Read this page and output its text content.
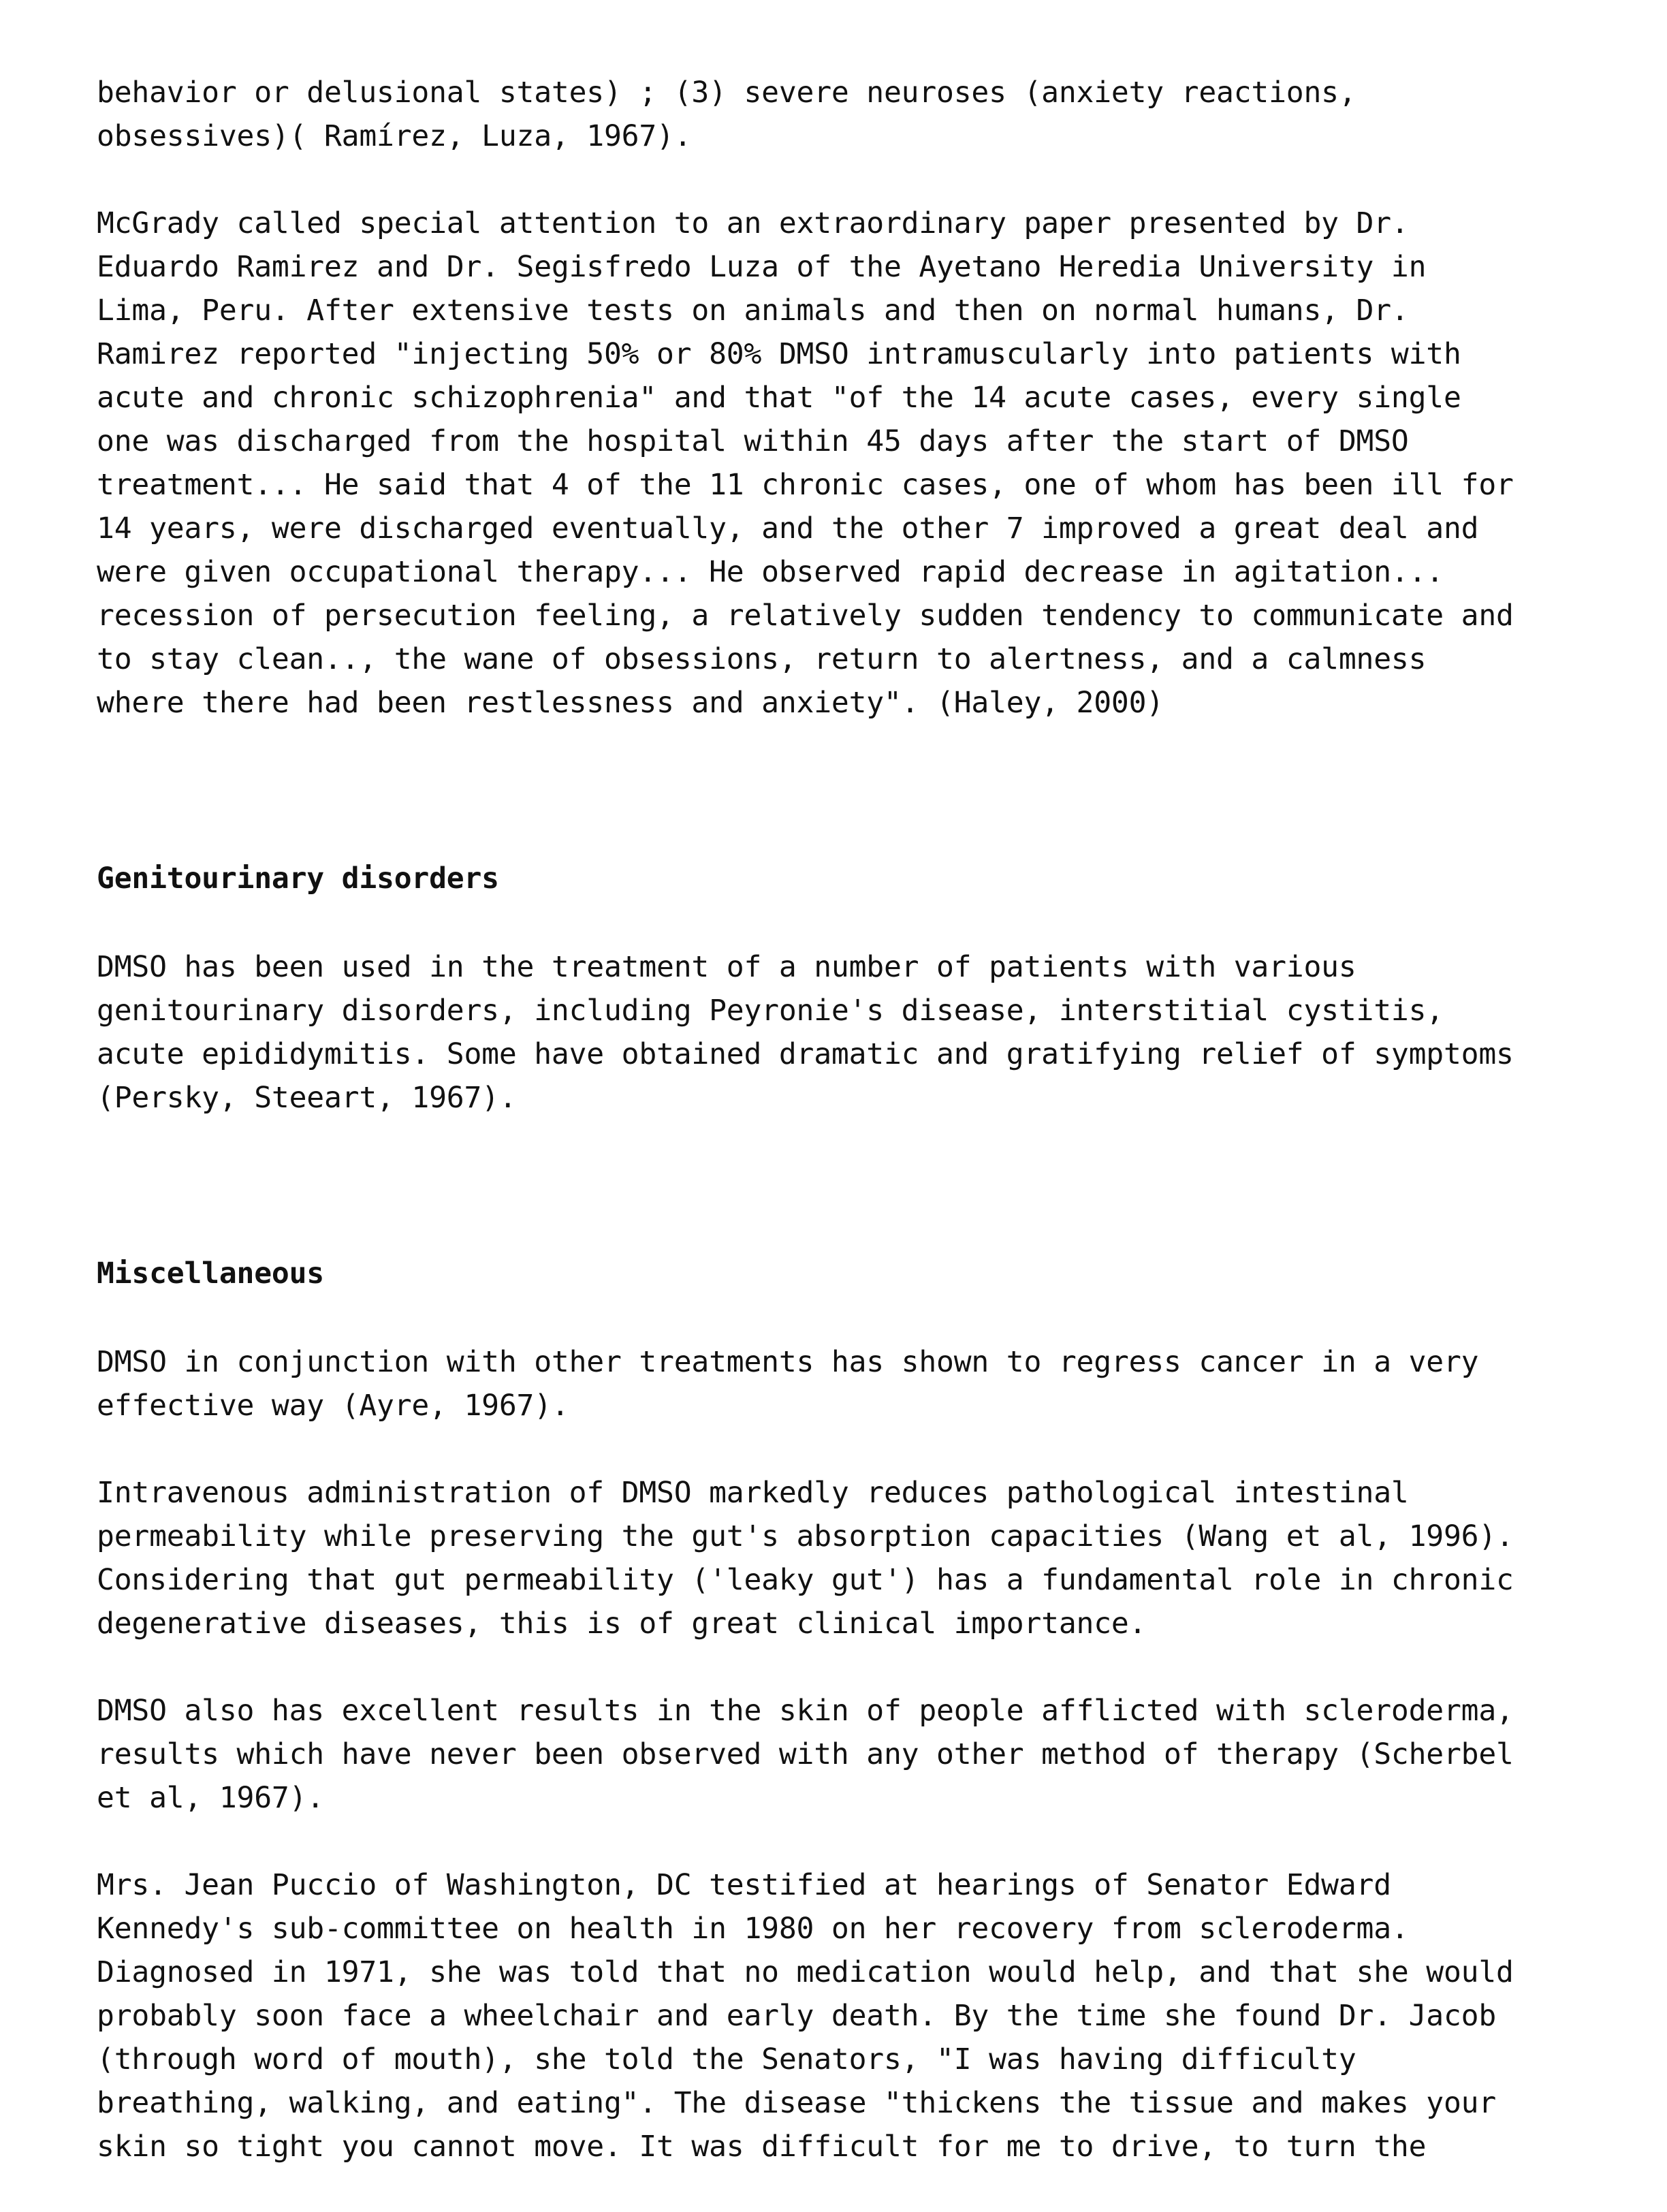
behavior or delusional states) ; (3) severe neuroses (anxiety reactions,
obsessives)( Ramírez, Luza, 1967).
McGrady called special attention to an extraordinary paper presented by Dr.
Eduardo Ramirez and Dr. Segisfredo Luza of the Ayetano Heredia University in
Lima, Peru. After extensive tests on animals and then on normal humans, Dr.
Ramirez reported "injecting 50% or 80% DMSO intramuscularly into patients with
acute and chronic schizophrenia" and that "of the 14 acute cases, every single
one was discharged from the hospital within 45 days after the start of DMSO
treatment... He said that 4 of the 11 chronic cases, one of whom has been ill for
14 years, were discharged eventually, and the other 7 improved a great deal and
were given occupational therapy... He observed rapid decrease in agitation...
recession of persecution feeling, a relatively sudden tendency to communicate and
to stay clean.., the wane of obsessions, return to alertness, and a calmness
where there had been restlessness and anxiety". (Haley, 2000)
Genitourinary disorders
DMSO has been used in the treatment of a number of patients with various
genitourinary disorders, including Peyronie's disease, interstitial cystitis,
acute epididymitis. Some have obtained dramatic and gratifying relief of symptoms
(Persky, Steeart, 1967).
Miscellaneous
DMSO in conjunction with other treatments has shown to regress cancer in a very
effective way (Ayre, 1967).
Intravenous administration of DMSO markedly reduces pathological intestinal
permeability while preserving the gut's absorption capacities (Wang et al, 1996).
Considering that gut permeability ('leaky gut') has a fundamental role in chronic
degenerative diseases, this is of great clinical importance.
DMSO also has excellent results in the skin of people afflicted with scleroderma,
results which have never been observed with any other method of therapy (Scherbel
et al, 1967).
Mrs. Jean Puccio of Washington, DC testified at hearings of Senator Edward
Kennedy's sub-committee on health in 1980 on her recovery from scleroderma.
Diagnosed in 1971, she was told that no medication would help, and that she would
probably soon face a wheelchair and early death. By the time she found Dr. Jacob
(through word of mouth), she told the Senators, "I was having difficulty
breathing, walking, and eating". The disease "thickens the tissue and makes your
skin so tight you cannot move. It was difficult for me to drive, to turn the
